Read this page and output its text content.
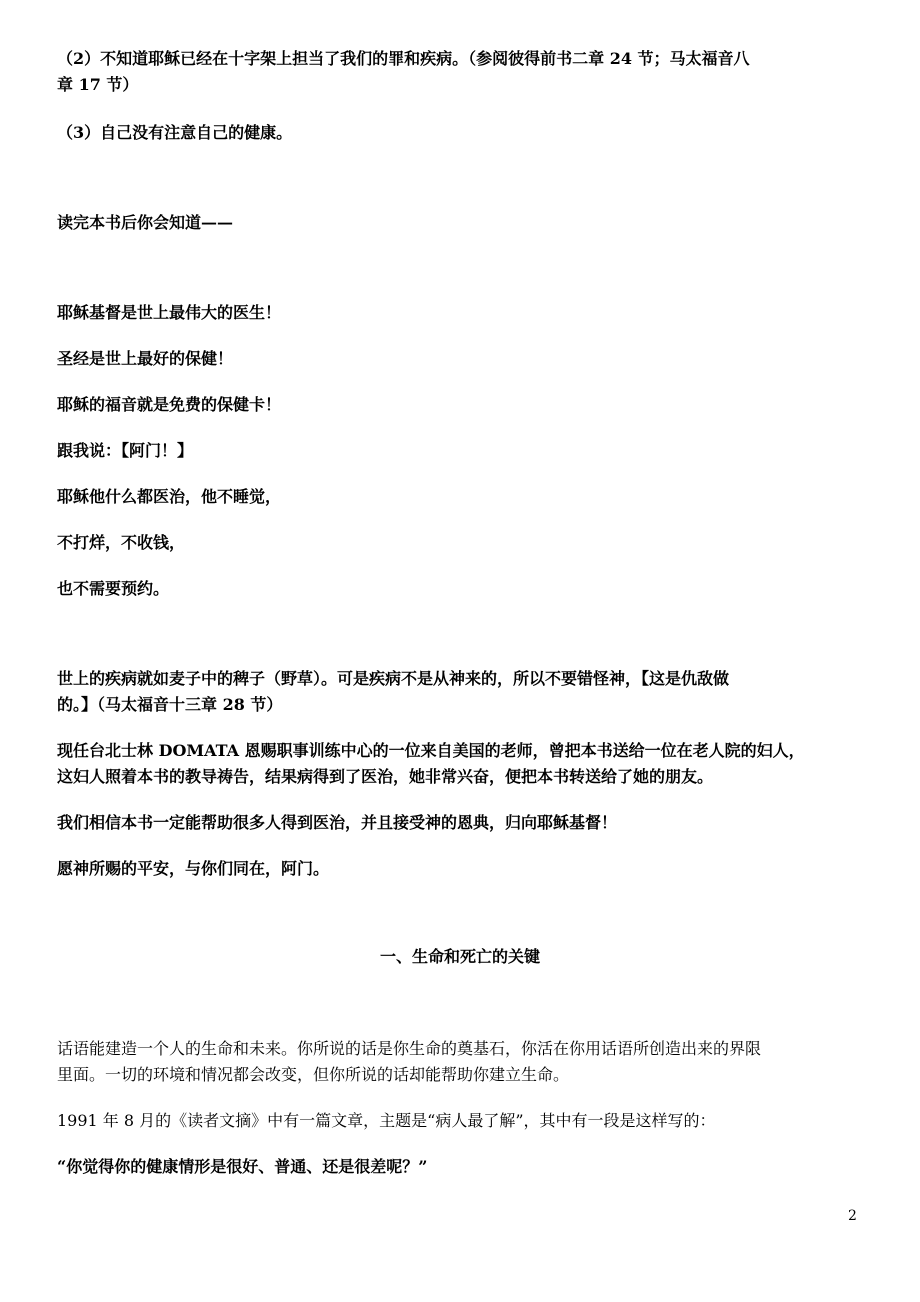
（2）不知道耶稣已经在十字架上担当了我们的罪和疾病。（参阅彼得前书二章 24 节；马太福音八
章 17 节）
（3）自己没有注意自己的健康。
读完本书后你会知道——
耶稣基督是世上最伟大的医生！
圣经是世上最好的保健！
耶稣的福音就是免费的保健卡！
跟我说：【阿门！】
耶稣他什么都医治，他不睡觉，
不打烊，不收钱，
也不需要预约。
世上的疾病就如麦子中的稗子（野草）。可是疾病不是从神来的，所以不要错怪神，【这是仇敌做
的。】（马太福音十三章 28 节）
现任台北士林 DOMATA 恩赐职事训练中心的一位来自美国的老师，曾把本书送给一位在老人院的妇人，
这妇人照着本书的教导祷告，结果病得到了医治，她非常兴奋，便把本书转送给了她的朋友。
我们相信本书一定能帮助很多人得到医治，并且接受神的恩典，归向耶稣基督！
愿神所赐的平安，与你们同在，阿门。
一、生命和死亡的关键
话语能建造一个人的生命和未来。你所说的话是你生命的奠基石，你活在你用话语所创造出来的界限
里面。一切的环境和情况都会改变，但你所说的话却能帮助你建立生命。
1991 年 8 月的《读者文摘》中有一篇文章，主题是“病人最了解”，其中有一段是这样写的：
“你觉得你的健康情形是很好、普通、还是很差呢？”
2
